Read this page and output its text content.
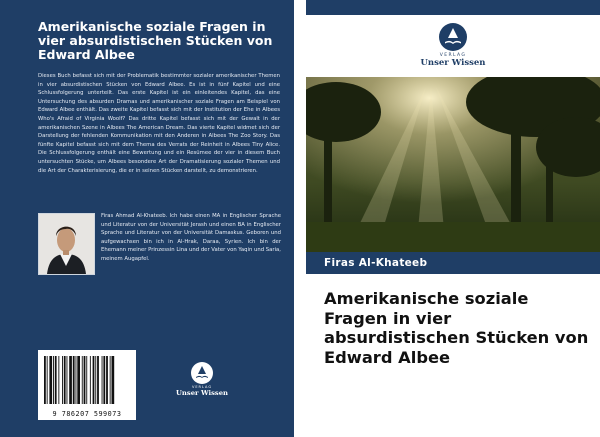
Amerikanische soziale Fragen in vier absurdistischen Stücken von Edward Albee
Dieses Buch befasst sich mit der Problematik bestimmter sozialer amerikanischer Themen in vier absurdistischen Stücken von Edward Albee. Es ist in fünf Kapitel und eine Schlussfolgerung unterteilt. Das erste Kapitel ist ein einleitendes Kapitel, das eine Untersuchung des absurden Dramas und amerikanischer soziale Fragen am Beispiel von Edward Albee enthält. Das zweite Kapitel befasst sich mit der Institution der Ehe in Albees Who's Afraid of Virginia Woolf? Das dritte Kapitel befasst sich mit der Gewalt in der amerikanischen Szene in Albees The American Dream. Das vierte Kapitel widmet sich der Darstellung der fehlenden Kommunikation mit den Anderen in Albees The Zoo Story. Das fünfte Kapitel befasst sich mit dem Thema des Verrats der Reinheit in Albees Tiny Alice. Die Schlussfolgerung enthält eine Bewertung und ein Resümee der vier in diesem Buch untersuchten Stücke, um Albees besondere Art der Dramatisierung sozialer Themen und die Art der Charakterisierung, die er in seinen Stücken darstellt, zu demonstrieren.
Firas Ahmad Al-Khateeb. Ich habe einen MA in Englischer Sprache und Literatur von der Universität Jerash und einen BA in Englischer Sprache und Literatur von der Universität Damaskus. Geboren und aufgewachsen bin ich in Al-Hrak, Daraa, Syrien. Ich bin der Ehemann meiner Prinzessin Lina und der Vater von Yaqin und Saria, meinem Augapfel.
9 786207 599073
VERLAG
Unser Wissen
VERLAG
Unser Wissen
Firas Al-Khateeb
Amerikanische soziale Fragen in vier absurdistischen Stücken von Edward Albee
